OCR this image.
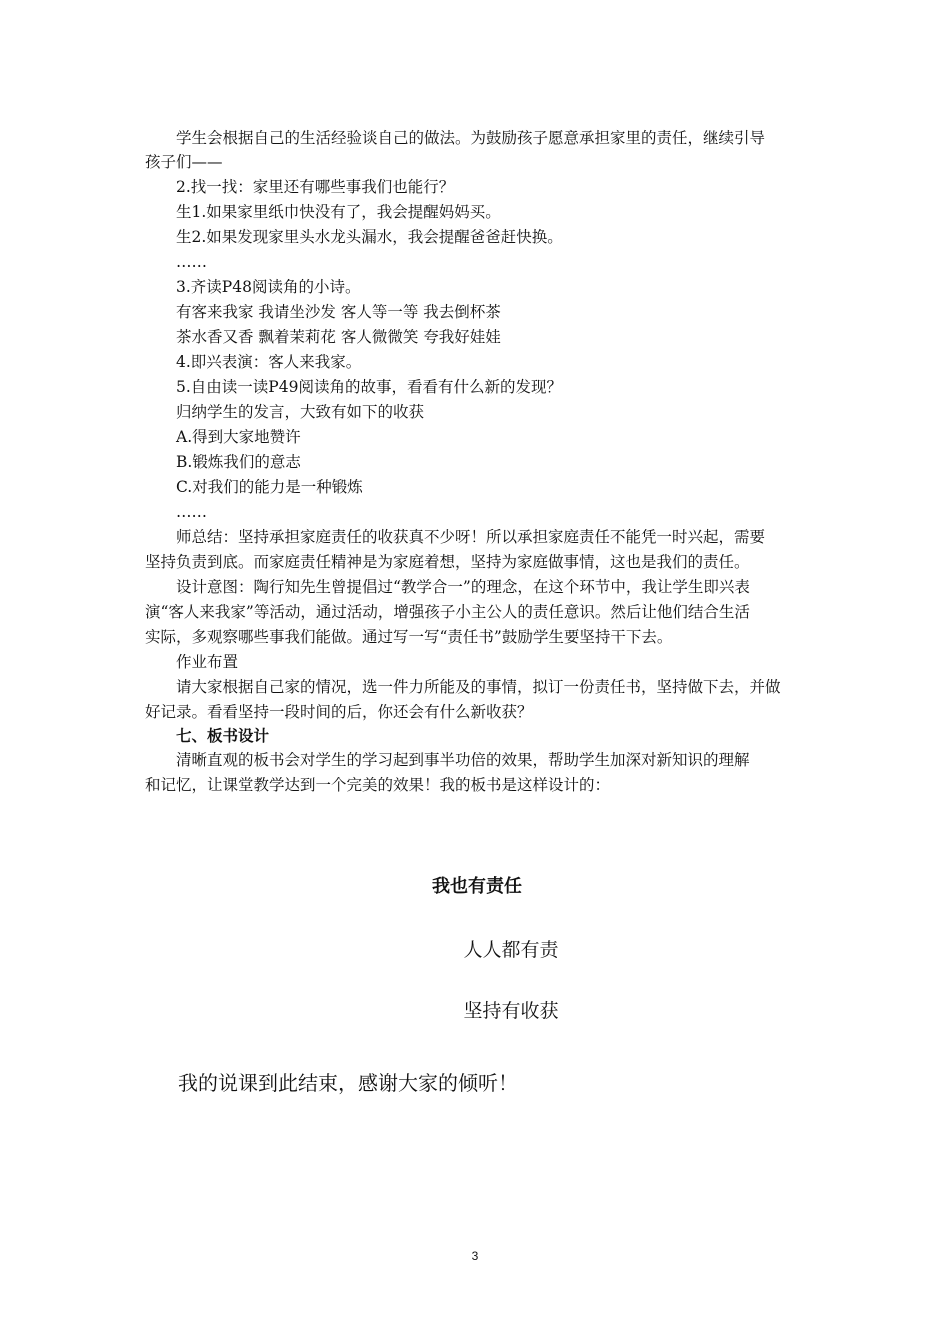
学生会根据自己的生活经验谈自己的做法。为鼓励孩子愿意承担家里的责任，继续引导
孩子们——
2.找一找：家里还有哪些事我们也能行？
生1.如果家里纸巾快没有了，我会提醒妈妈买。
生2.如果发现家里头水龙头漏水，我会提醒爸爸赶快换。
……
3.齐读P48阅读角的小诗。
有客来我家 我请坐沙发 客人等一等 我去倒杯茶
茶水香又香 飘着茉莉花 客人微微笑 夸我好娃娃
4.即兴表演：客人来我家。
5.自由读一读P49阅读角的故事，看看有什么新的发现？
归纳学生的发言，大致有如下的收获
A.得到大家地赞许
B.锻炼我们的意志
C.对我们的能力是一种锻炼
……
师总结：坚持承担家庭责任的收获真不少呀！所以承担家庭责任不能凭一时兴起，需要
坚持负责到底。而家庭责任精神是为家庭着想，坚持为家庭做事情，这也是我们的责任。
设计意图：陶行知先生曾提倡过“教学合一”的理念，在这个环节中，我让学生即兴表
演“客人来我家”等活动，通过活动，增强孩子小主公人的责任意识。然后让他们结合生活
实际，多观察哪些事我们能做。通过写一写“责任书”鼓励学生要坚持干下去。
作业布置
请大家根据自己家的情况，选一件力所能及的事情，拟订一份责任书，坚持做下去，并做
好记录。看看坚持一段时间的后，你还会有什么新收获？
七、板书设计
清晰直观的板书会对学生的学习起到事半功倍的效果，帮助学生加深对新知识的理解
和记忆，让课堂教学达到一个完美的效果！我的板书是这样设计的：
我也有责任
人人都有责
坚持有收获
我的说课到此结束，感谢大家的倾听！
3
